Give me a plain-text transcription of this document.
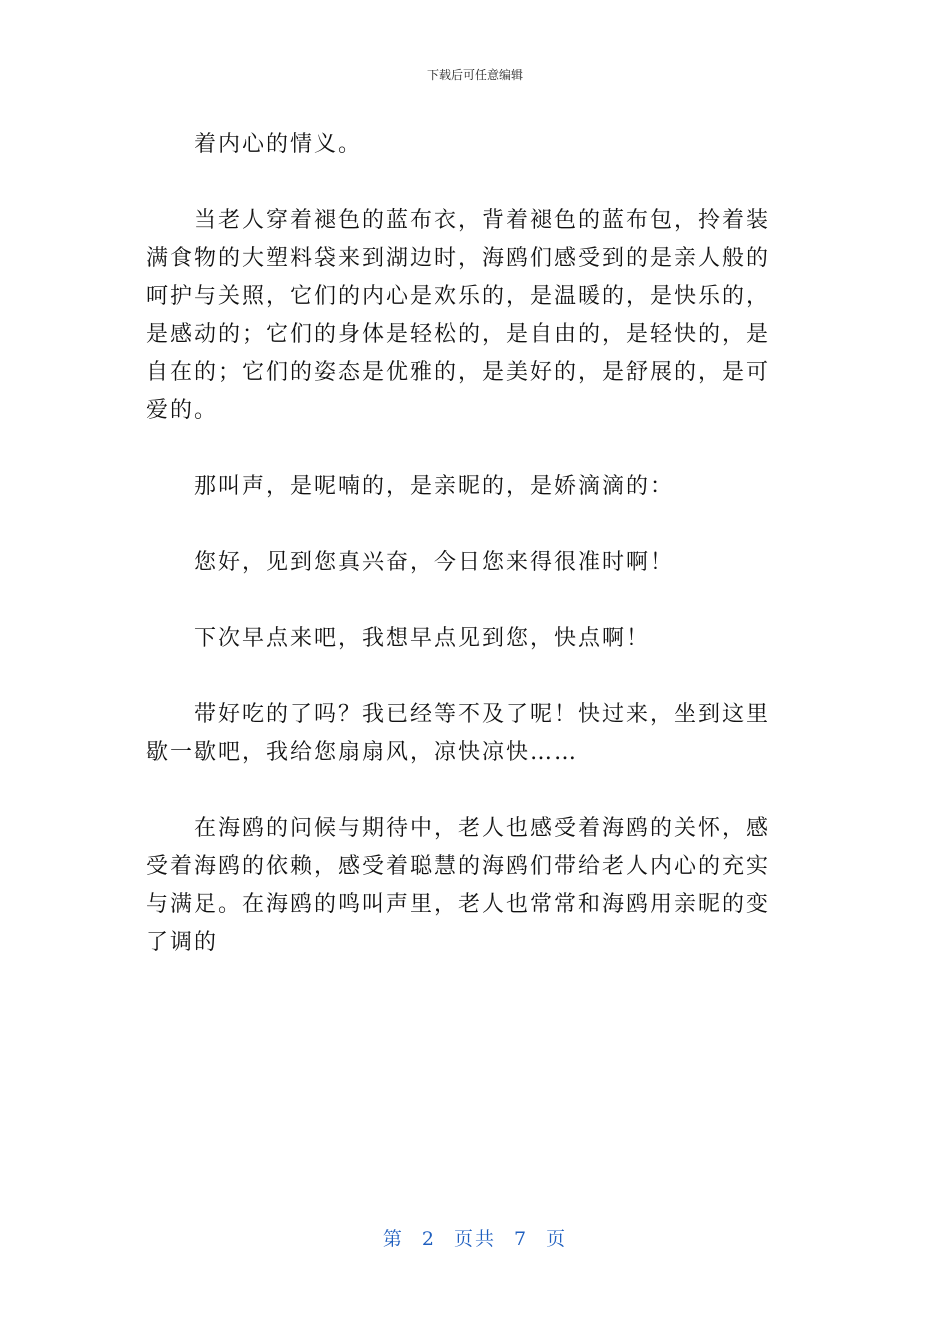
下载后可任意编辑

着内心的情义。

当老人穿着褪色的蓝布衣，背着褪色的蓝布包，拎着装满食物的大塑料袋来到湖边时，海鸥们感受到的是亲人般的呵护与关照，它们的内心是欢乐的，是温暖的，是快乐的，是感动的；它们的身体是轻松的，是自由的，是轻快的，是自在的；它们的姿态是优雅的，是美好的，是舒展的，是可爱的。

那叫声，是呢喃的，是亲昵的，是娇滴滴的：

您好，见到您真兴奋，今日您来得很准时啊！

下次早点来吧，我想早点见到您，快点啊！

带好吃的了吗？我已经等不及了呢！快过来，坐到这里歇一歇吧，我给您扇扇风，凉快凉快……

在海鸥的问候与期待中，老人也感受着海鸥的关怀，感受着海鸥的依赖，感受着聪慧的海鸥们带给老人内心的充实与满足。在海鸥的鸣叫声里，老人也常常和海鸥用亲昵的变了调的

第 2 页共 7 页
